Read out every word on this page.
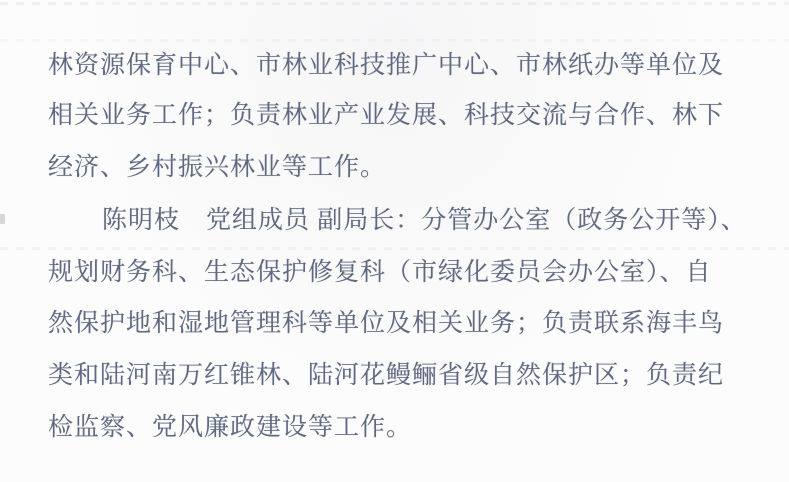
林资源保育中心、市林业科技推广中心、市林纸办等单位及
相关业务工作；负责林业产业发展、科技交流与合作、林下
经济、乡村振兴林业等工作。
陈明枝　党组成员 副局长：分管办公室（政务公开等）、
规划财务科、生态保护修复科（市绿化委员会办公室）、自
然保护地和湿地管理科等单位及相关业务；负责联系海丰鸟
类和陆河南万红锥林、陆河花鳗鲡省级自然保护区；负责纪
检监察、党风廉政建设等工作。
